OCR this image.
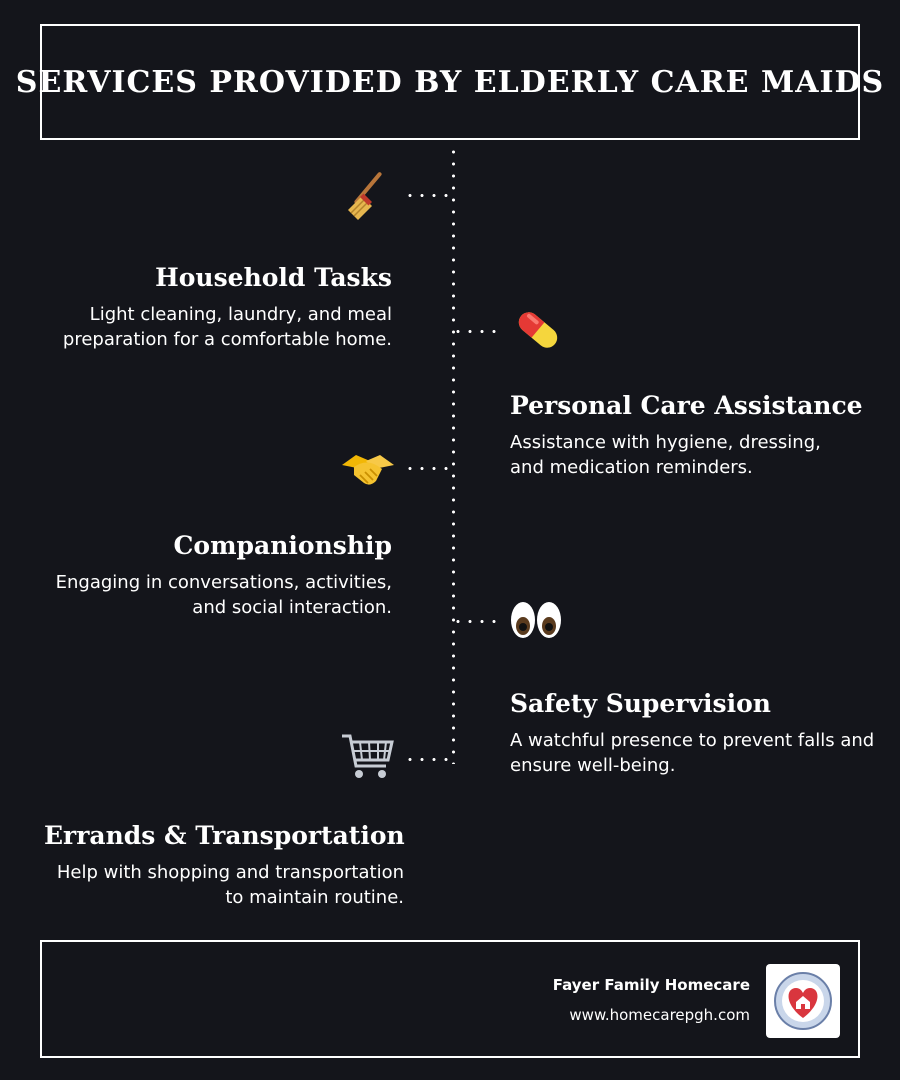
SERVICES PROVIDED BY ELDERLY CARE MAIDS
Household Tasks

Light cleaning, laundry, and meal preparation for a comfortable home.

Personal Care Assistance

Assistance with hygiene, dressing, and medication reminders.

Companionship

Engaging in conversations, activities, and social interaction.

Safety Supervision

A watchful presence to prevent falls and ensure well-being.

Errands & Transportation

Help with shopping and transportation to maintain routine.

Fayer Family Homecare
www.homecarepgh.com
